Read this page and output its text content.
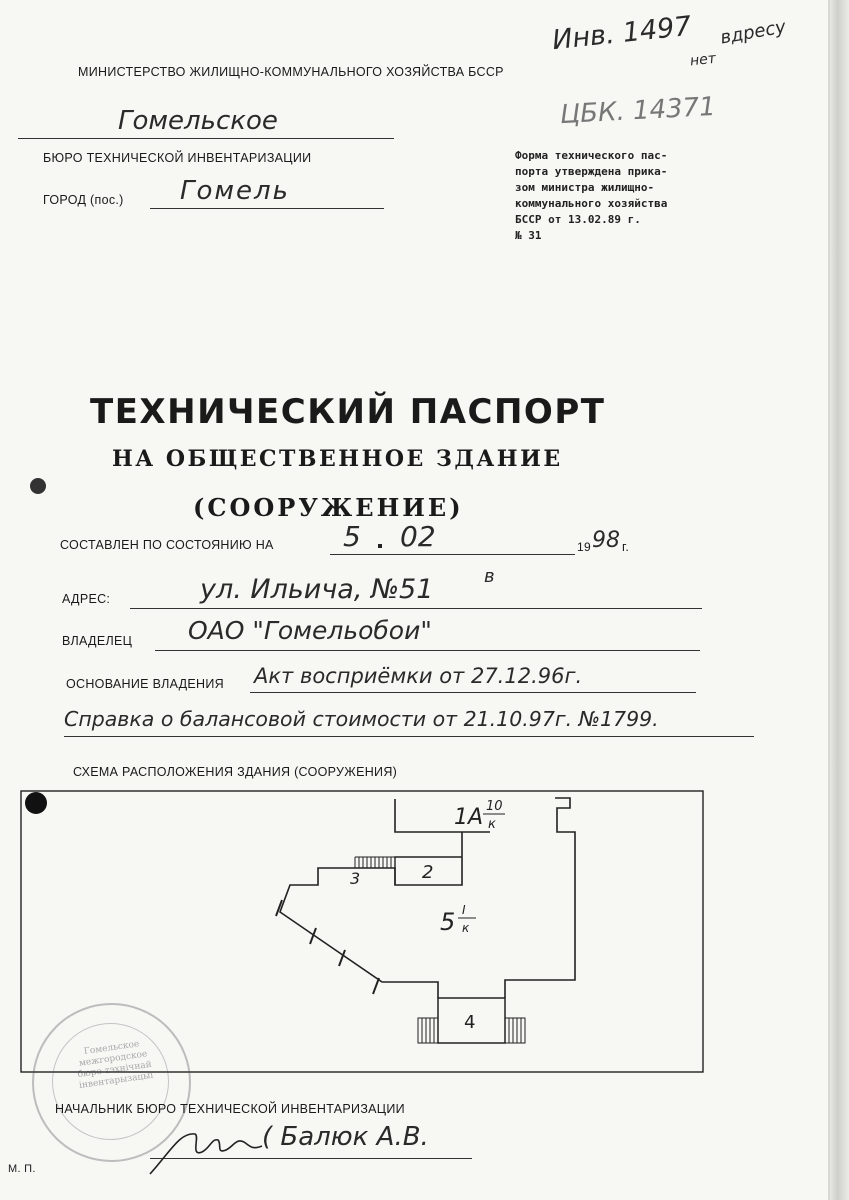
МИНИСТЕРСТВО ЖИЛИЩНО-КОММУНАЛЬНОГО ХОЗЯЙСТВА БССР
Инв. 1497 вдресу
нет
ЦБК. 14371
Гомельское
БЮРО ТЕХНИЧЕСКОЙ ИНВЕНТАРИЗАЦИИ
ГОРОД (пос.) Гомель
Форма технического пас-
порта утверждена прика-
зом министра жилищно-
коммунального хозяйства
БССР от 13.02.89 г.
№ 31
ТЕХНИЧЕСКИЙ ПАСПОРТ
НА ОБЩЕСТВЕННОЕ ЗДАНИЕ
(СООРУЖЕНИЕ)
СОСТАВЛЕН ПО СОСТОЯНИЮ НА 5 02	19 98 г.
АДРЕС:	ул. Ильича, №51	в
ВЛАДЕЛЕЦ ОАО "Гомельобои"
ОСНОВАНИЕ ВЛАДЕНИЯ Акт восприёмки от 27.12.96г.
Справка о балансовой стоимости от 21.10.97г. №1799.
СХЕМА РАСПОЛОЖЕНИЯ ЗДАНИЯ (СООРУЖЕНИЯ)
1А 10
к
2
3
5 I
к
4
Гомельское межгородское бюро тэхнічнай інвентарызацыі
НАЧАЛЬНИК БЮРО ТЕХНИЧЕСКОЙ ИНВЕНТАРИЗАЦИИ
( Балюк А.В.
М. П.
